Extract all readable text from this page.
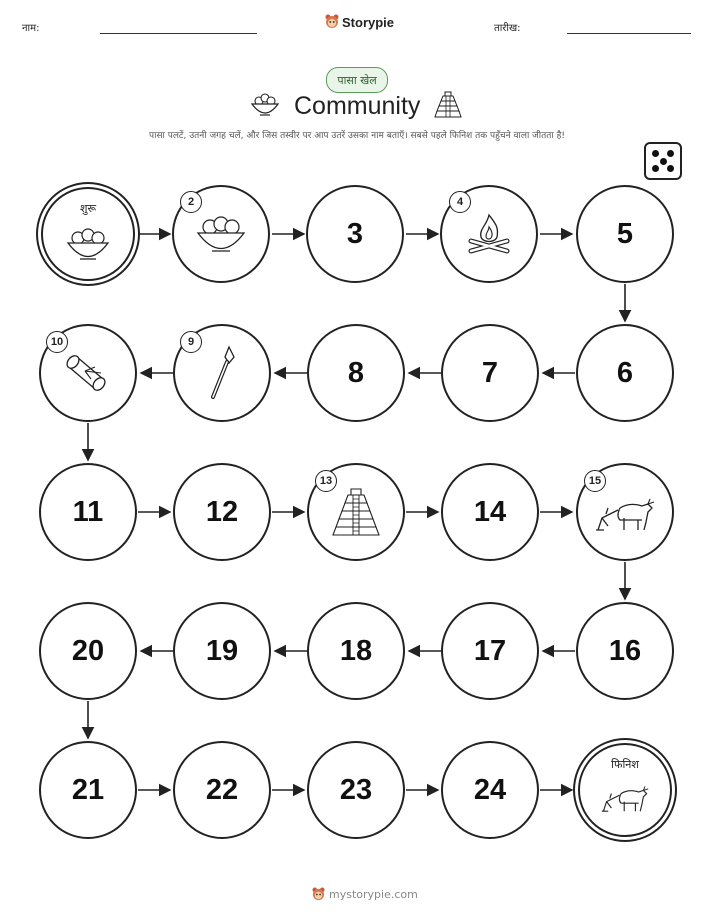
नाम:	Storypie	तारीख:
पासा खेल
Community
पासा पलटें, उतनी जगह चलें, और जिस तस्वीर पर आप उतरें उसका नाम बताएँ। सबसे पहले फिनिश तक पहुँचने वाला जीतता है!
शुरू	2
3
4
5
6
7
8
9
10
11	12
13
14
15
16
17
18
19
20
21	22	23	24
फिनिश
mystorypie.com
